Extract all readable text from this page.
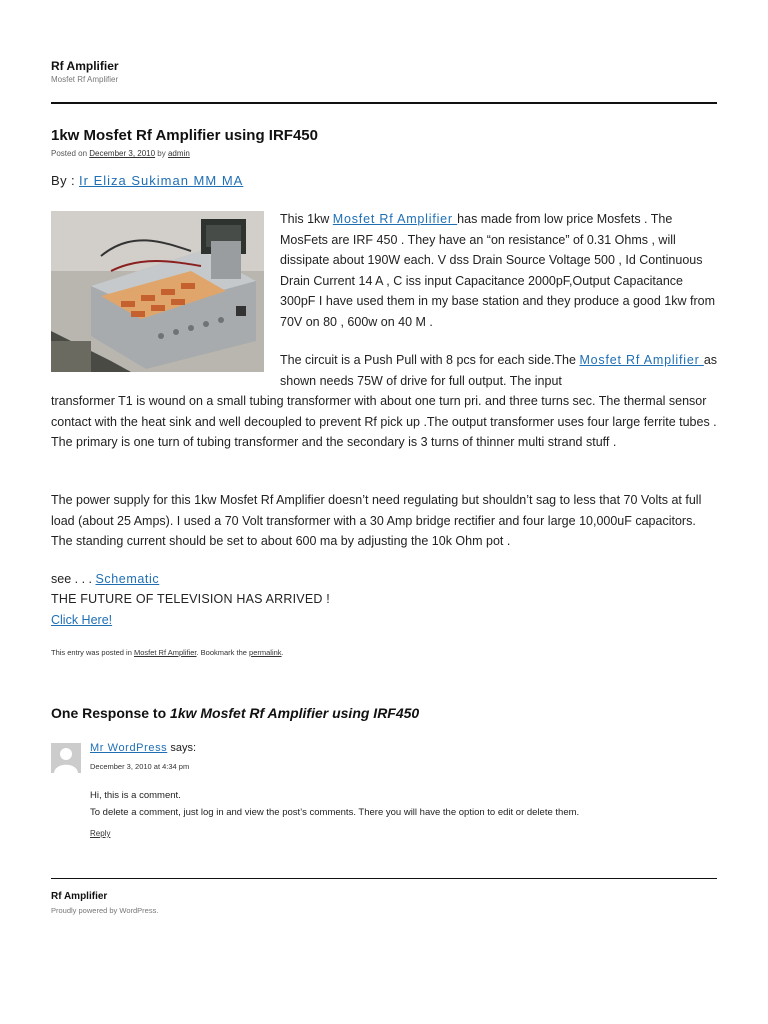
Rf Amplifier
Mosfet Rf Amplifier
1kw Mosfet Rf Amplifier using IRF450
Posted on December 3, 2010 by admin
By : Ir Eliza Sukiman MM MA
This 1kw Mosfet Rf Amplifier has made from low price Mosfets . The MosFets are IRF 450 . They have an “on resistance” of 0.31 Ohms , will dissipate about 190W each. V dss Drain Source Voltage 500 , Id Continuous Drain Current 14 A , C iss input Capacitance 2000pF,Output Capacitance 300pF I have used them in my base station and they produce a good 1kw from 70V on 80 , 600w on 40 M .
The circuit is a Push Pull with 8 pcs for each side.The Mosfet Rf Amplifier as shown needs 75W of drive for full output. The input
transformer T1 is wound on a small tubing transformer with about one turn pri. and three turns sec. The thermal sensor contact with the heat sink and well decoupled to prevent Rf pick up .The output transformer uses four large ferrite tubes . The primary is one turn of tubing transformer and the secondary is 3 turns of thinner multi strand stuff .
The power supply for this 1kw Mosfet Rf Amplifier doesn’t need regulating but shouldn’t sag to less that 70 Volts at full load (about 25 Amps). I used a 70 Volt transformer with a 30 Amp bridge rectifier and four large 10,000uF capacitors. The standing current should be set to about 600 ma by adjusting the 10k Ohm pot .
see . . . Schematic
THE FUTURE OF TELEVISION HAS ARRIVED !
Click Here!
This entry was posted in Mosfet Rf Amplifier. Bookmark the permalink.
One Response to 1kw Mosfet Rf Amplifier using IRF450
Mr WordPress says:
December 3, 2010 at 4:34 pm
Hi, this is a comment.
To delete a comment, just log in and view the post’s comments. There you will have the option to edit or delete them.
Reply
Rf Amplifier
Proudly powered by WordPress.
